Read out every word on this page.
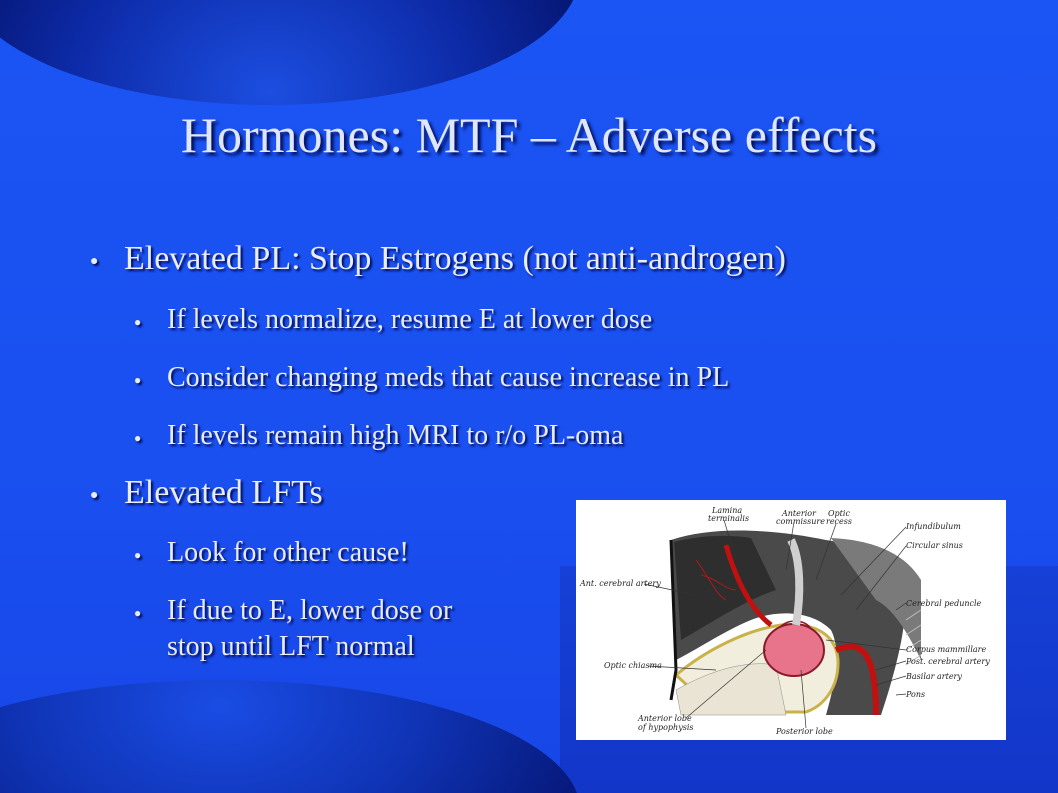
Hormones: MTF – Adverse effects
● Elevated PL: Stop Estrogens (not anti-androgen)
● If levels normalize, resume E at lower dose
● Consider changing meds that cause increase in PL
● If levels remain high MRI to r/o PL-oma
● Elevated LFTs
● Look for other cause!
● If due to E, lower dose or
stop until LFT normal
Lamina
terminalis
Anterior
commissure
Optic
recess
Infundibulum
Circular sinus
Ant. cerebral artery
Cerebral peduncle
Corpus mammillare
Post. cerebral artery
Basilar artery
Pons
Optic chiasma
Anterior lobe
of hypophysis	Posterior lobe
